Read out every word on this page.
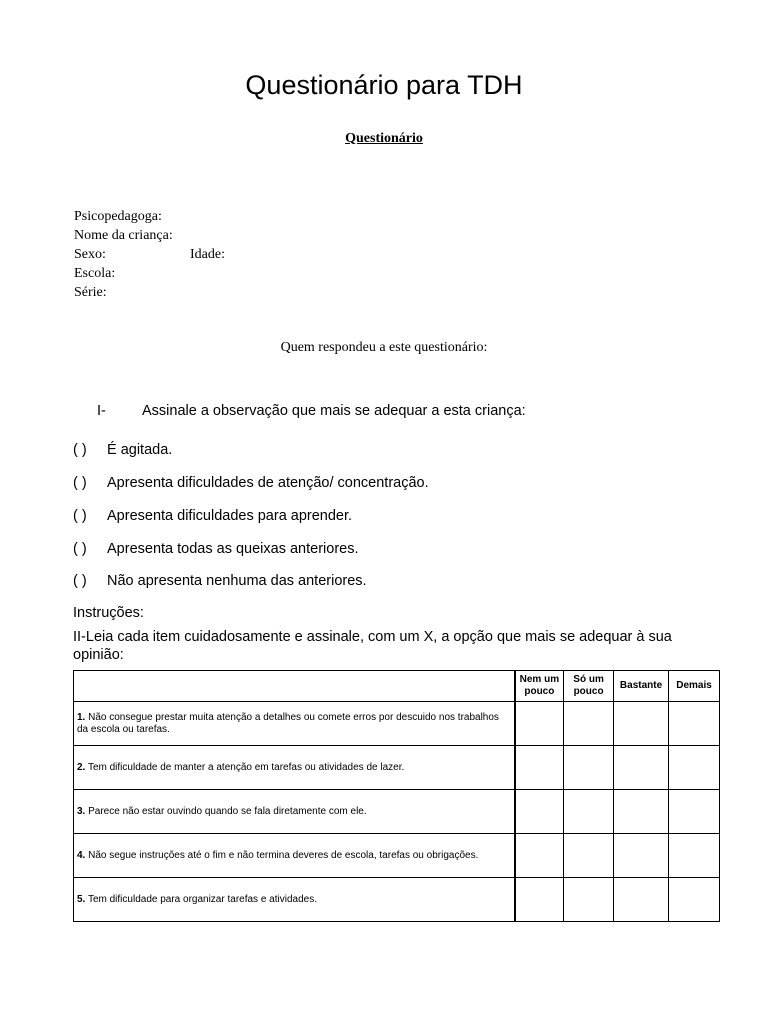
Questionário para TDH
Questionário
Psicopedagoga:
Nome da criança:
Sexo:	Idade:
Escola:
Série:
Quem respondeu a este questionário:
I- Assinale a observação que mais se adequar a esta criança:
( ) É agitada.
( ) Apresenta dificuldades de atenção/ concentração.
( ) Apresenta dificuldades para aprender.
( ) Apresenta todas as queixas anteriores.
( ) Não apresenta nenhuma das anteriores.
Instruções:
II-Leia cada item cuidadosamente e assinale, com um X, a opção que mais se adequar à sua opinião:
	Nem um pouco	Só um pouco	Bastante	Demais
1. Não consegue prestar muita atenção a detalhes ou comete erros por descuido nos trabalhos da escola ou tarefas.				
2. Tem dificuldade de manter a atenção em tarefas ou atividades de lazer.				
3. Parece não estar ouvindo quando se fala diretamente com ele.				
4. Não segue instruções até o fim e não termina deveres de escola, tarefas ou obrigações.				
5. Tem dificuldade para organizar tarefas e atividades.				
